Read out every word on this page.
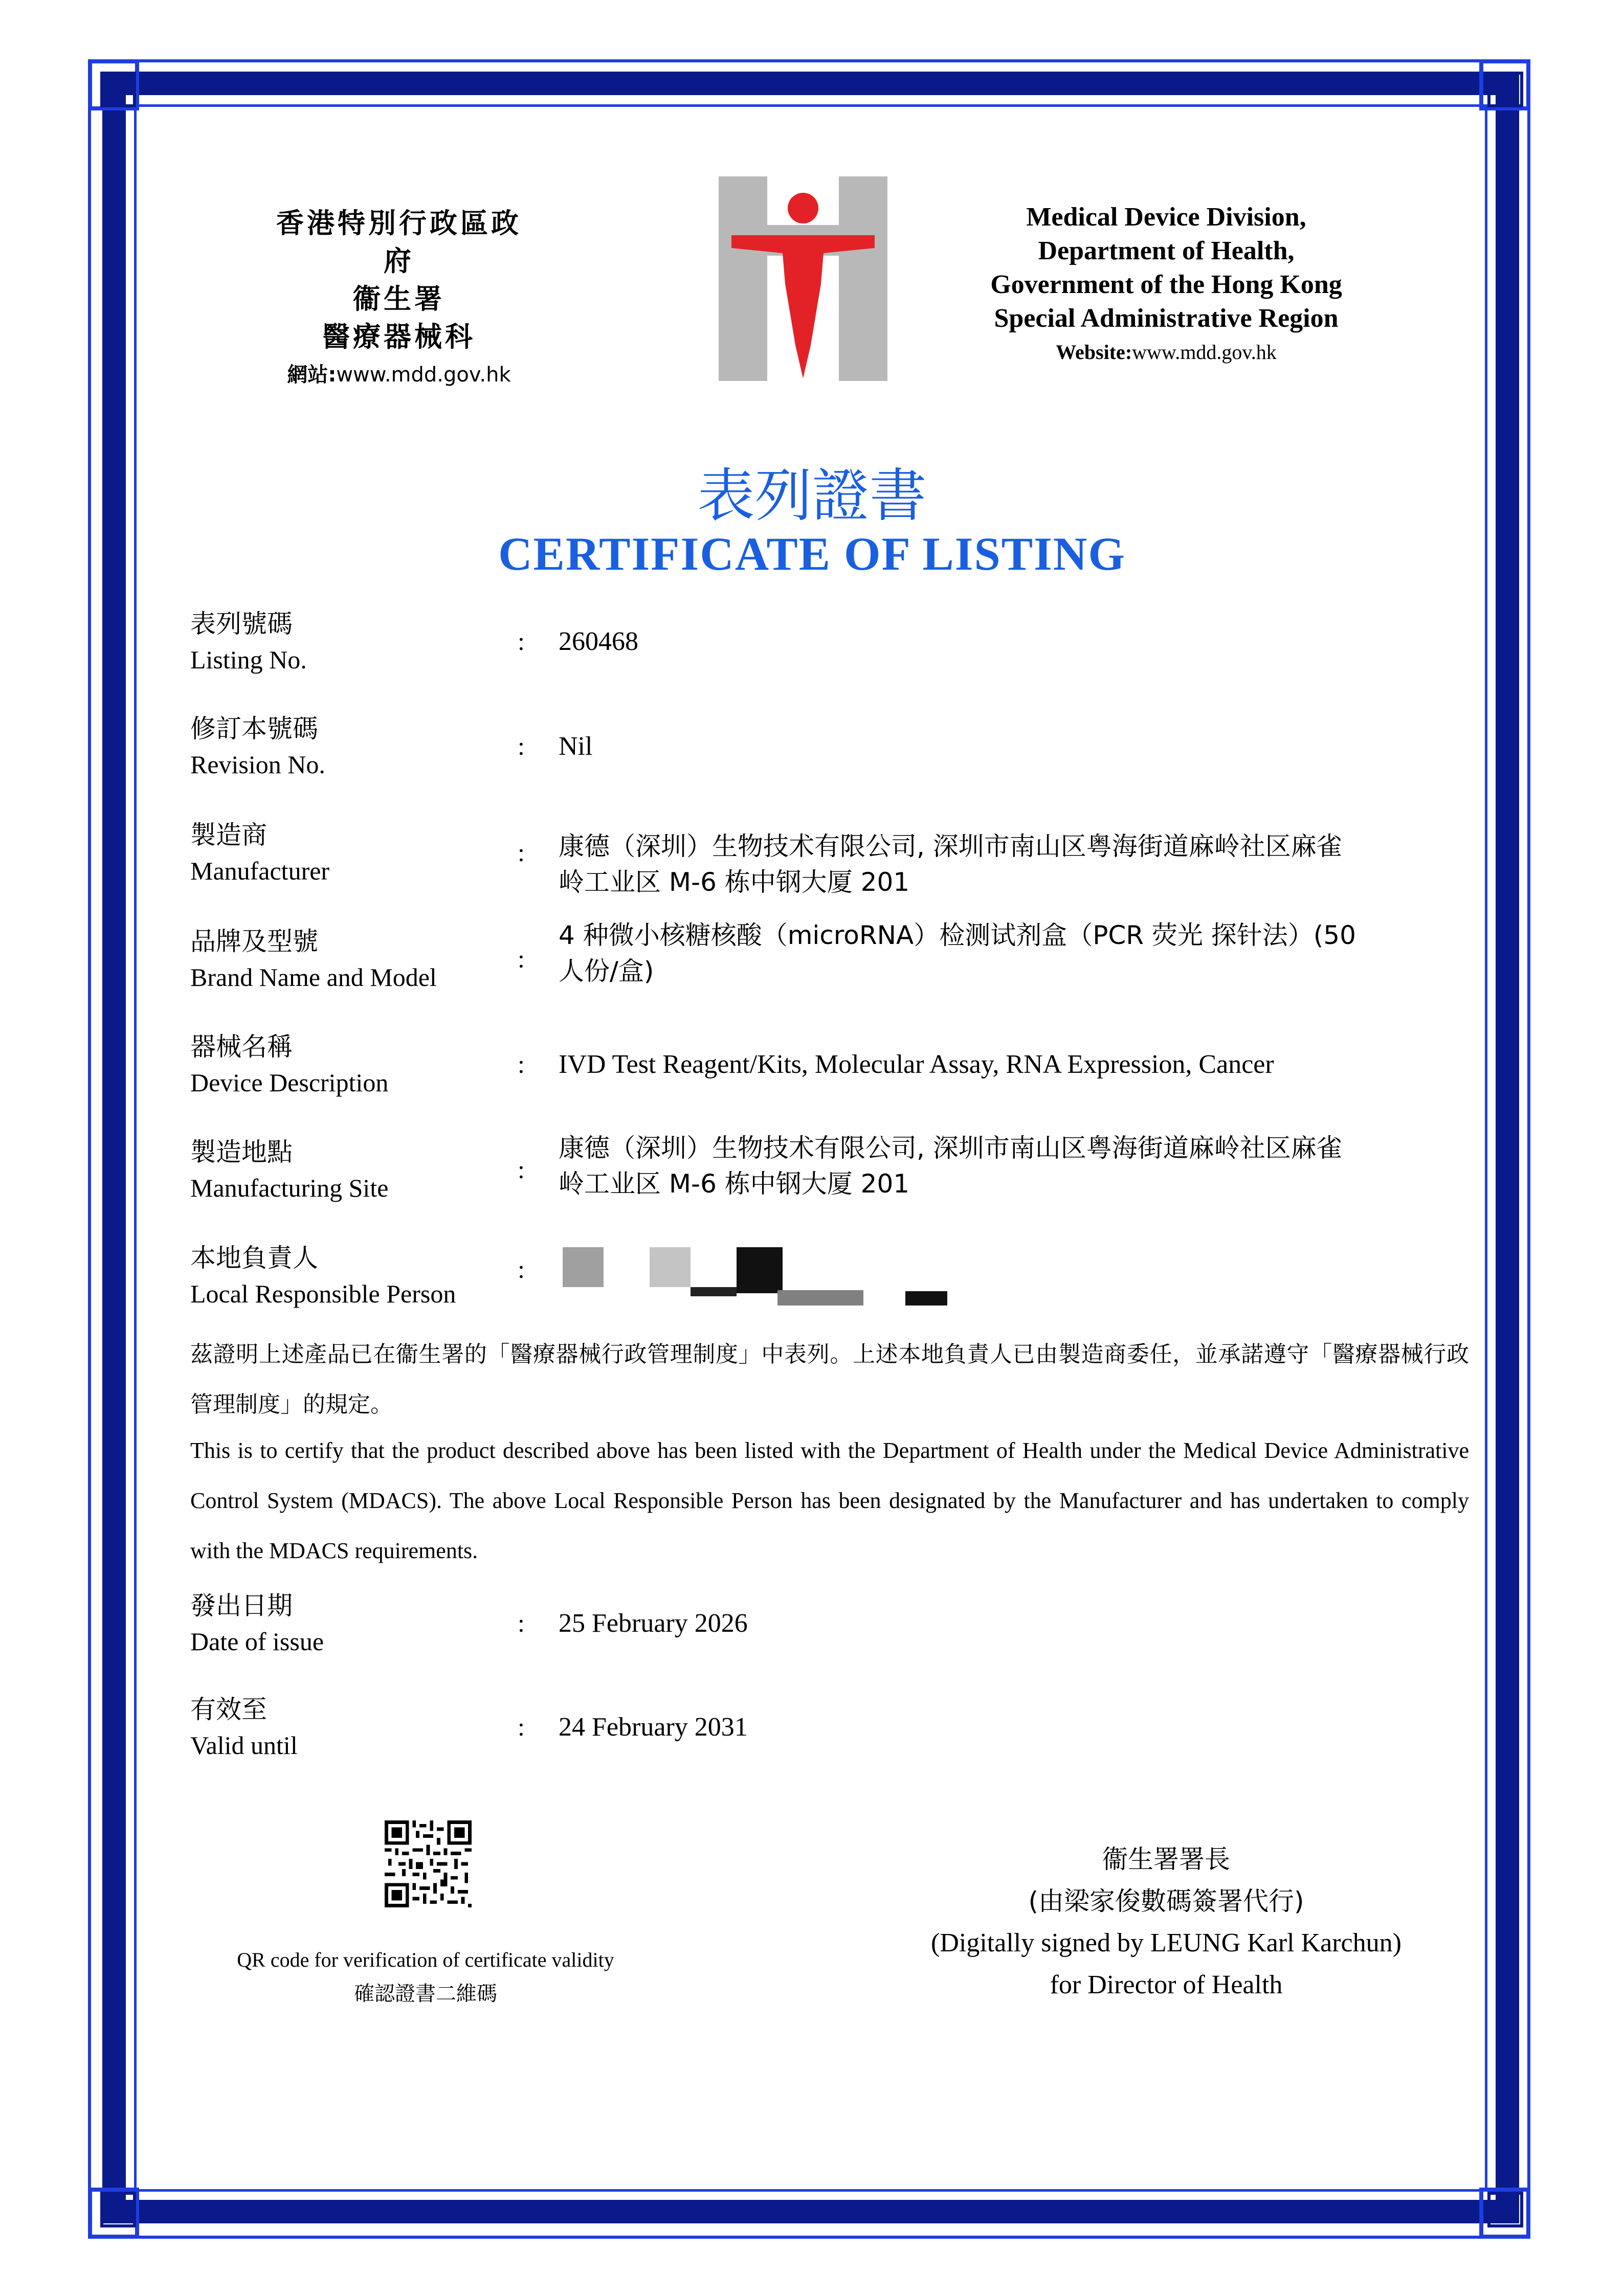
香港特別行政區政府
衞生署
醫療器械科
網站:www.mdd.gov.hk
Medical Device Division,
Department of Health,
Government of the Hong Kong
Special Administrative Region
Website:www.mdd.gov.hk
表列證書
CERTIFICATE OF LISTING
表列號碼
Listing No.
: 260468
修訂本號碼
Revision No.
: Nil
製造商
Manufacturer
: 康德（深圳）生物技术有限公司, 深圳市南山区粤海街道麻岭社区麻雀
岭工业区 M-6 栋中钢大厦 201
品牌及型號
Brand Name and Model
:
4 种微小核糖核酸（microRNA）检测试剂盒（PCR 荧光 探针法）(50
人份/盒)
器械名稱
Device Description
: IVD Test Reagent/Kits, Molecular Assay, RNA Expression, Cancer
製造地點
Manufacturing Site
:
康德（深圳）生物技术有限公司, 深圳市南山区粤海街道麻岭社区麻雀
岭工业区 M-6 栋中钢大厦 201
本地負責人
Local Responsible Person
:
茲證明上述產品已在衞生署的「醫療器械行政管理制度」中表列。上述本地負責人已由製造商委任，並承諾遵守「醫療器械行政管理制度」的規定。
This is to certify that the product described above has been listed with the Department of Health under the Medical Device Administrative Control System (MDACS). The above Local Responsible Person has been designated by the Manufacturer and has undertaken to comply with the MDACS requirements.
發出日期
Date of issue
: 25 February 2026
有效至
Valid until
: 24 February 2031
QR code for verification of certificate validity
確認證書二維碼
衞生署署長
(由梁家俊數碼簽署代行)
(Digitally signed by LEUNG Karl Karchun)
for Director of Health
